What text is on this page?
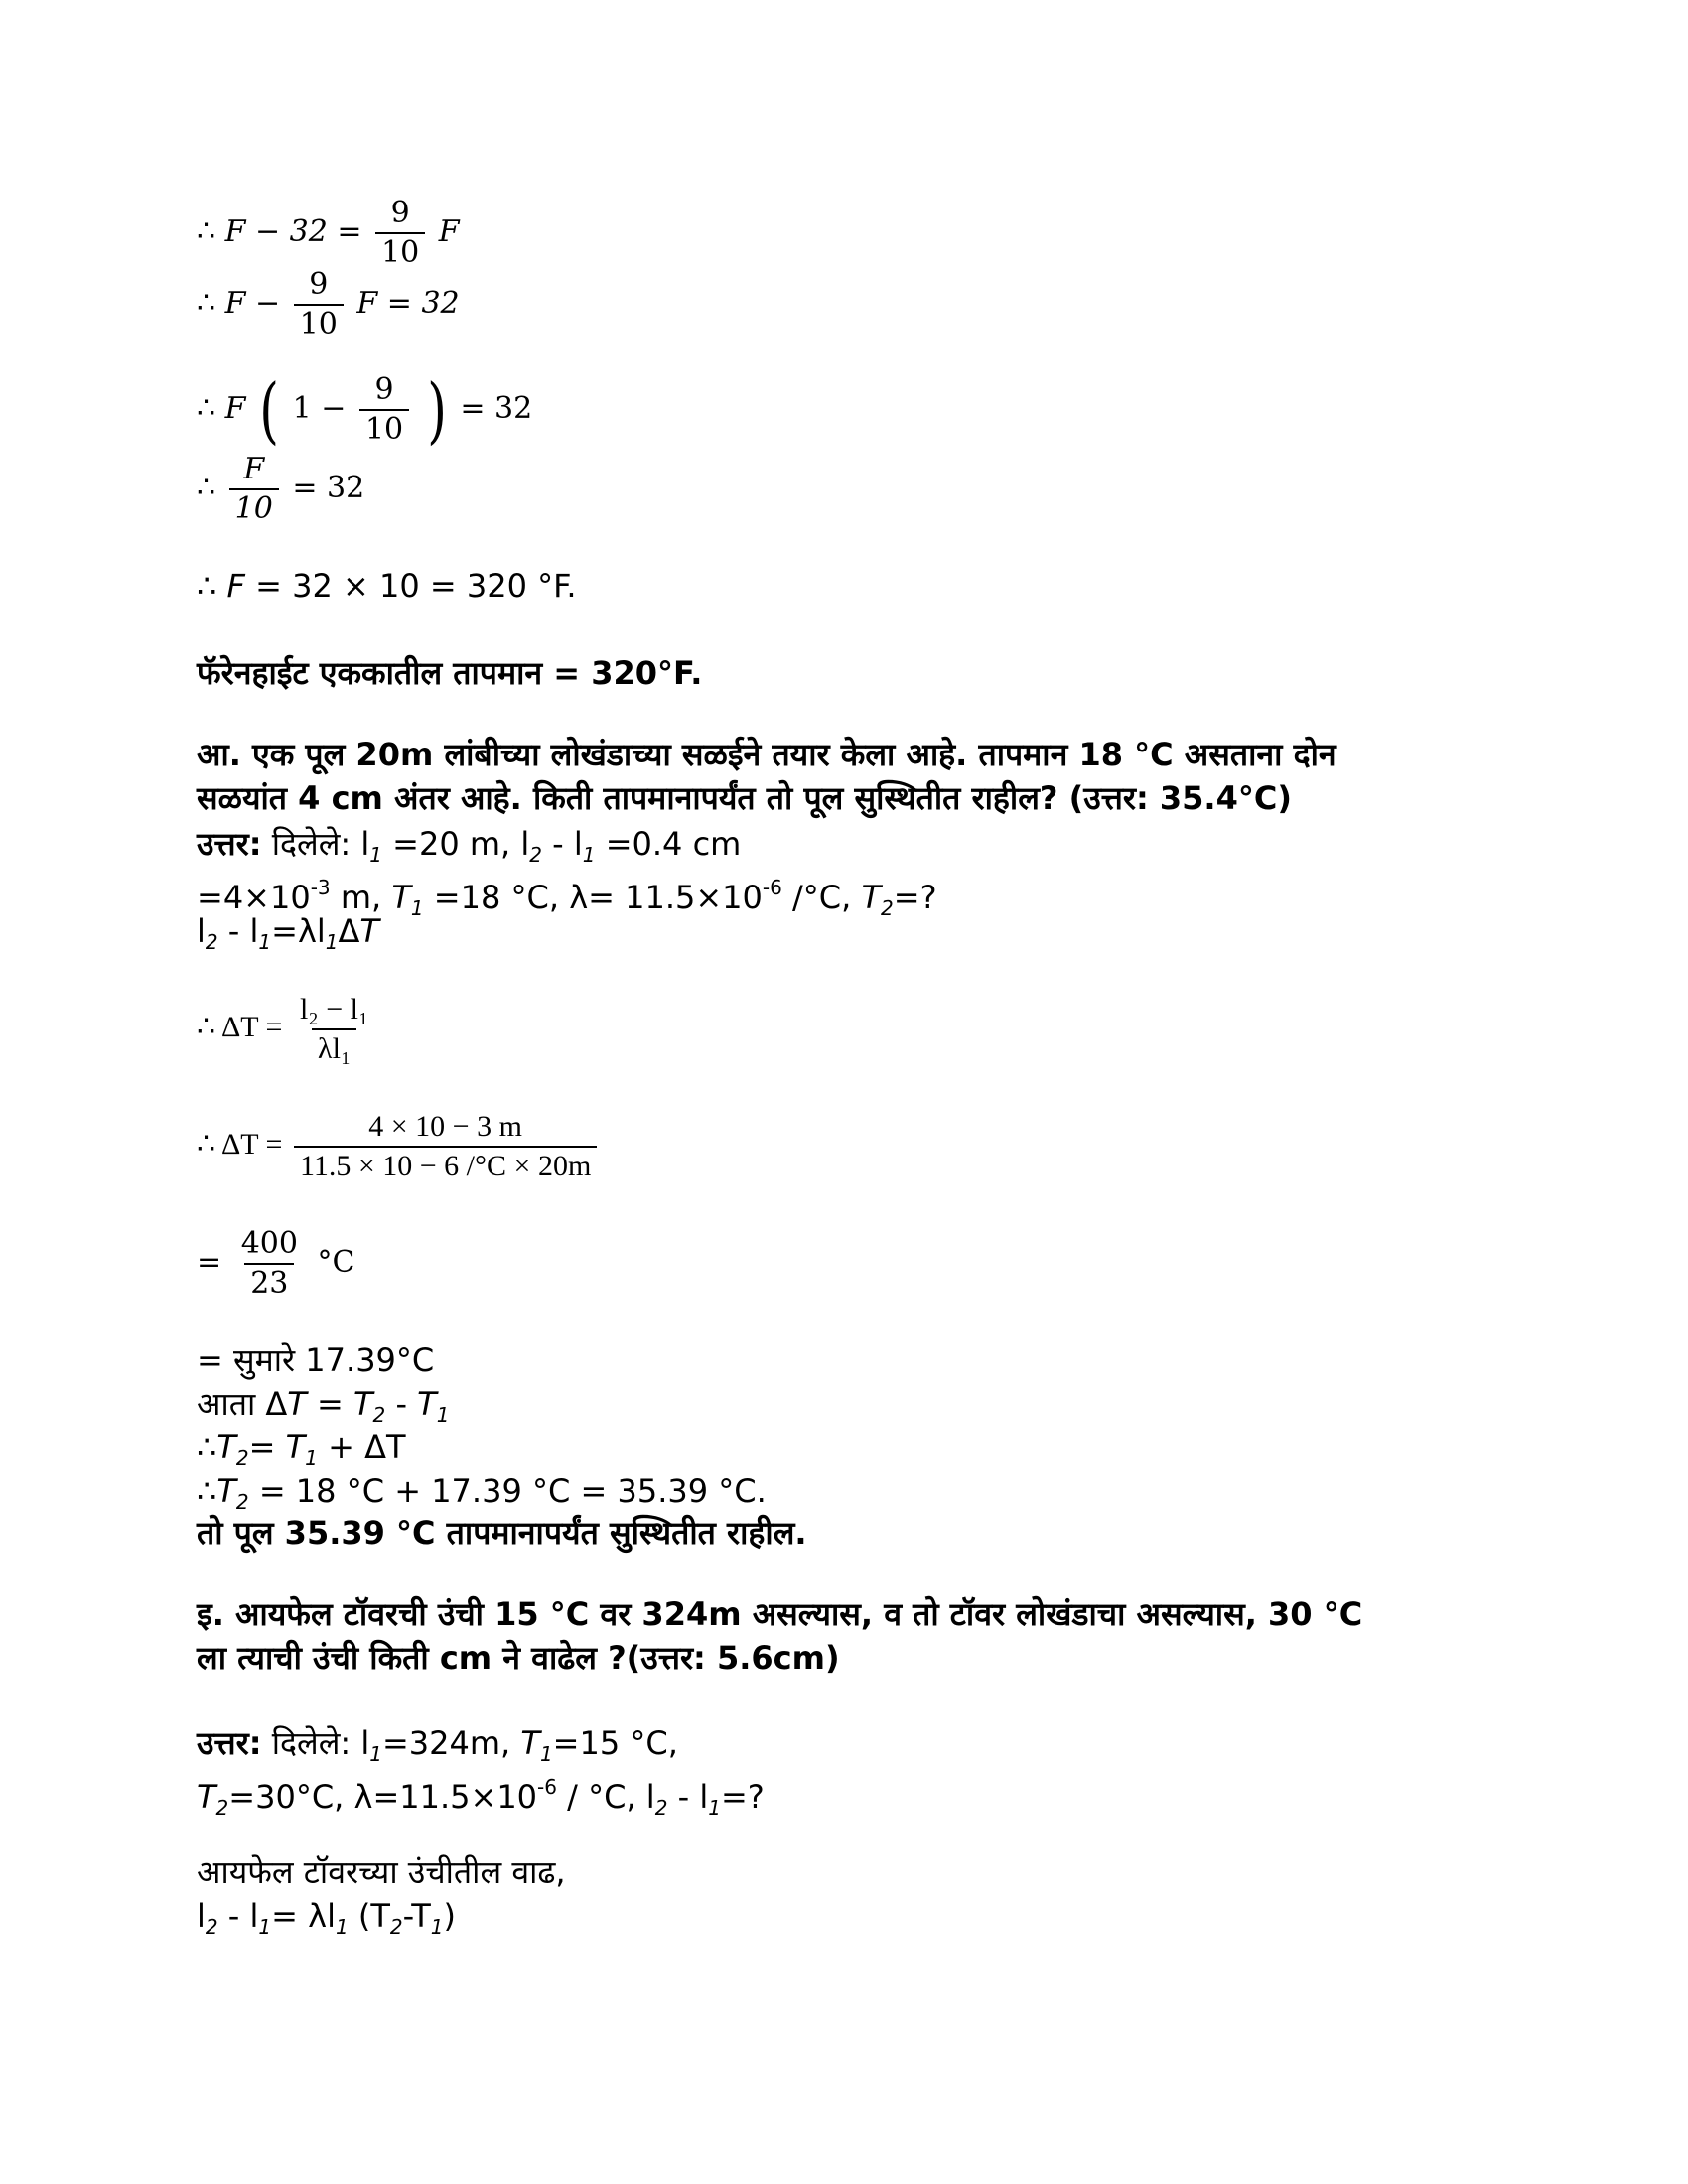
∴ $F - 32 = \frac{9}{10}$ F
∴ $F - \frac{9}{10}$ F = 32
∴ F ( $1 - \frac{9}{10}$ ) = 32
∴ $\frac{F}{10} = 32$
∴ F = 32 × 10 = 320 °F.
फॅरेनहाईट एककातील तापमान = 320°F.
आ. एक पूल 20m लांबीच्या लोखंडाच्या सळईने तयार केला आहे. तापमान 18 °C असताना दोन
सळयांत 4 cm अंतर आहे. किती तापमानापर्यंत तो पूल सुस्थितीत राहील? (उत्तर: 35.4°C)
उत्तर: दिलेले: $l_1 =20$ m, $l_2 - l_1 =0.4$ cm
$=4\times 10^{-3}$ m, $T_1 =18$ °C, $\lambda= 11.5\times 10^{-6}$ /°C, $T_2=$?
$l_2 - l_1=\lambda l_1\Delta T$
∴ $\Delta T = \frac{\text{l₂ − l₁}}{\text{λl₁}}$
∴ $\Delta T = \frac{4 \times 10 - 3 m}{11.5 \times 10 - 6 /^\circ C \times 20m}$
= $\frac{400}{23} ^\circ C$
= सुमारे 17.39°C
आता $\Delta T = T_2 - T_1$
$\therefore T_2= T_1 + \Delta T$
$\therefore T_2 = 18$ °C + 17.39 °C = 35.39 °C.
तो पूल 35.39 °C तापमानापर्यंत सुस्थितीत राहील.
इ. आयफेल टॉवरची उंची 15 °C वर 324m असल्यास, व तो टॉवर लोखंडाचा असल्यास, 30 °C
ला त्याची उंची किती cm ने वाढेल ?(उत्तर: 5.6cm)
उत्तर: दिलेले: $l_1=324m$, $T_1=15$ °C,
$T_2=30^\circ C$, $\lambda=11.5\times 10^{-6} / ^\circ C$, $l_2 - l_1=$?
आयफेल टॉवरच्या उंचीतील वाढ,
$l_2 - l_1= \lambda l_1$ $(T_2-T_1)$
